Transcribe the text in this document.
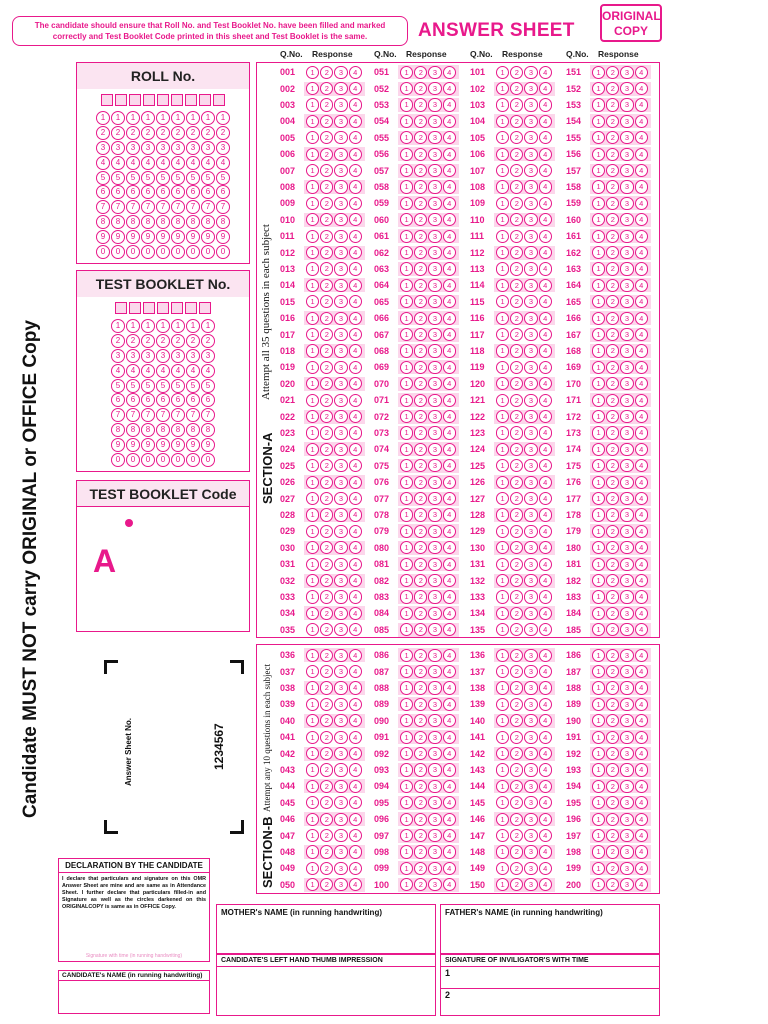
The candidate should ensure that Roll No. and Test Booklet No. have been filled and marked
correctly and Test Booklet Code printed in this sheet and Test Booklet is the same.	ANSWER SHEET
ORIGINAL
COPY
Q.No. Response	Q.No. Response	Q.No. Response	Q.No. Response
Candidate MUST NOT carry ORIGINAL or OFFICE Copy
ROLL No.
1
2
3
4
5
6
7
8
9
0
1
2
3
4
5
6
7
8
9
0
1
2
3
4
5
6
7
8
9
0
1
2
3
4
5
6
7
8
9
0
1
2
3
4
5
6
7
8
9
0
1
2
3
4
5
6
7
8
9
0
1
2
3
4
5
6
7
8
9
0
1
2
3
4
5
6
7
8
9
0
1
2
3
4
5
6
7
8
9
0
TEST BOOKLET No.
1
2
3
4
5
6
7
8
9
0
1
2
3
4
5
6
7
8
9
0
1
2
3
4
5
6
7
8
9
0
1
2
3
4
5
6
7
8
9
0
1
2
3
4
5
6
7
8
9
0
1
2
3
4
5
6
7
8
9
0
1
2
3
4
5
6
7
8
9
0
TEST BOOKLET Code
A
Answer Sheet No.	1234567
SECTION-A
Attempt all 35 questions in each subject
SECTION-B
Attempt any 10 questions in each subject
001	1	2	3	4
002	1	2	3	4
003	1	2	3	4
004	1	2	3	4
005	1	2	3	4
006	1	2	3	4
007	1	2	3	4
008	1	2	3	4
009	1	2	3	4
010	1	2	3	4
011	1	2	3	4
012	1	2	3	4
013	1	2	3	4
014	1	2	3	4
015	1	2	3	4
016	1	2	3	4
017	1	2	3	4
018	1	2	3	4
019	1	2	3	4
020	1	2	3	4
021	1	2	3	4
022	1	2	3	4
023	1	2	3	4
024	1	2	3	4
025	1	2	3	4
026	1	2	3	4
027	1	2	3	4
028	1	2	3	4
029	1	2	3	4
030	1	2	3	4
031	1	2	3	4
032	1	2	3	4
033	1	2	3	4
034	1	2	3	4
035	1	2	3	4
036	1	2	3	4
037	1	2	3	4
038	1	2	3	4
039	1	2	3	4
040	1	2	3	4
041	1	2	3	4
042	1	2	3	4
043	1	2	3	4
044	1	2	3	4
045	1	2	3	4
046	1	2	3	4
047	1	2	3	4
048	1	2	3	4
049	1	2	3	4
050	1	2	3	4
051	1	2	3	4
052	1	2	3	4
053	1	2	3	4
054	1	2	3	4
055	1	2	3	4
056	1	2	3	4
057	1	2	3	4
058	1	2	3	4
059	1	2	3	4
060	1	2	3	4
061	1	2	3	4
062	1	2	3	4
063	1	2	3	4
064	1	2	3	4
065	1	2	3	4
066	1	2	3	4
067	1	2	3	4
068	1	2	3	4
069	1	2	3	4
070	1	2	3	4
071	1	2	3	4
072	1	2	3	4
073	1	2	3	4
074	1	2	3	4
075	1	2	3	4
076	1	2	3	4
077	1	2	3	4
078	1	2	3	4
079	1	2	3	4
080	1	2	3	4
081	1	2	3	4
082	1	2	3	4
083	1	2	3	4
084	1	2	3	4
085	1	2	3	4
086	1	2	3	4
087	1	2	3	4
088	1	2	3	4
089	1	2	3	4
090	1	2	3	4
091	1	2	3	4
092	1	2	3	4
093	1	2	3	4
094	1	2	3	4
095	1	2	3	4
096	1	2	3	4
097	1	2	3	4
098	1	2	3	4
099	1	2	3	4
100	1	2	3	4
101	1	2	3	4
102	1	2	3	4
103	1	2	3	4
104	1	2	3	4
105	1	2	3	4
106	1	2	3	4
107	1	2	3	4
108	1	2	3	4
109	1	2	3	4
110	1	2	3	4
111	1	2	3	4
112	1	2	3	4
113	1	2	3	4
114	1	2	3	4
115	1	2	3	4
116	1	2	3	4
117	1	2	3	4
118	1	2	3	4
119	1	2	3	4
120	1	2	3	4
121	1	2	3	4
122	1	2	3	4
123	1	2	3	4
124	1	2	3	4
125	1	2	3	4
126	1	2	3	4
127	1	2	3	4
128	1	2	3	4
129	1	2	3	4
130	1	2	3	4
131	1	2	3	4
132	1	2	3	4
133	1	2	3	4
134	1	2	3	4
135	1	2	3	4
136	1	2	3	4
137	1	2	3	4
138	1	2	3	4
139	1	2	3	4
140	1	2	3	4
141	1	2	3	4
142	1	2	3	4
143	1	2	3	4
144	1	2	3	4
145	1	2	3	4
146	1	2	3	4
147	1	2	3	4
148	1	2	3	4
149	1	2	3	4
150	1	2	3	4
151	1	2	3	4
152	1	2	3	4
153	1	2	3	4
154	1	2	3	4
155	1	2	3	4
156	1	2	3	4
157	1	2	3	4
158	1	2	3	4
159	1	2	3	4
160	1	2	3	4
161	1	2	3	4
162	1	2	3	4
163	1	2	3	4
164	1	2	3	4
165	1	2	3	4
166	1	2	3	4
167	1	2	3	4
168	1	2	3	4
169	1	2	3	4
170	1	2	3	4
171	1	2	3	4
172	1	2	3	4
173	1	2	3	4
174	1	2	3	4
175	1	2	3	4
176	1	2	3	4
177	1	2	3	4
178	1	2	3	4
179	1	2	3	4
180	1	2	3	4
181	1	2	3	4
182	1	2	3	4
183	1	2	3	4
184	1	2	3	4
185	1	2	3	4
186	1	2	3	4
187	1	2	3	4
188	1	2	3	4
189	1	2	3	4
190	1	2	3	4
191	1	2	3	4
192	1	2	3	4
193	1	2	3	4
194	1	2	3	4
195	1	2	3	4
196	1	2	3	4
197	1	2	3	4
198	1	2	3	4
199	1	2	3	4
200	1	2	3	4
DECLARATION BY THE CANDIDATE
I declare that particulars and signature on this OMR Answer Sheet are mine and are same as in Attendance Sheet. I further declare that particulars filled-in and Signature as well as the circles darkened on this ORIGINALCOPY is same as in OFFICE Copy.
Signature with time (in running handwriting)
CANDIDATE's NAME (in running handwriting)
MOTHER's NAME (in running handwriting)	FATHER's NAME (in running handwriting)
CANDIDATE'S LEFT HAND THUMB IMPRESSION	SIGNATURE OF INVILIGATOR'S WITH TIME
1
2
